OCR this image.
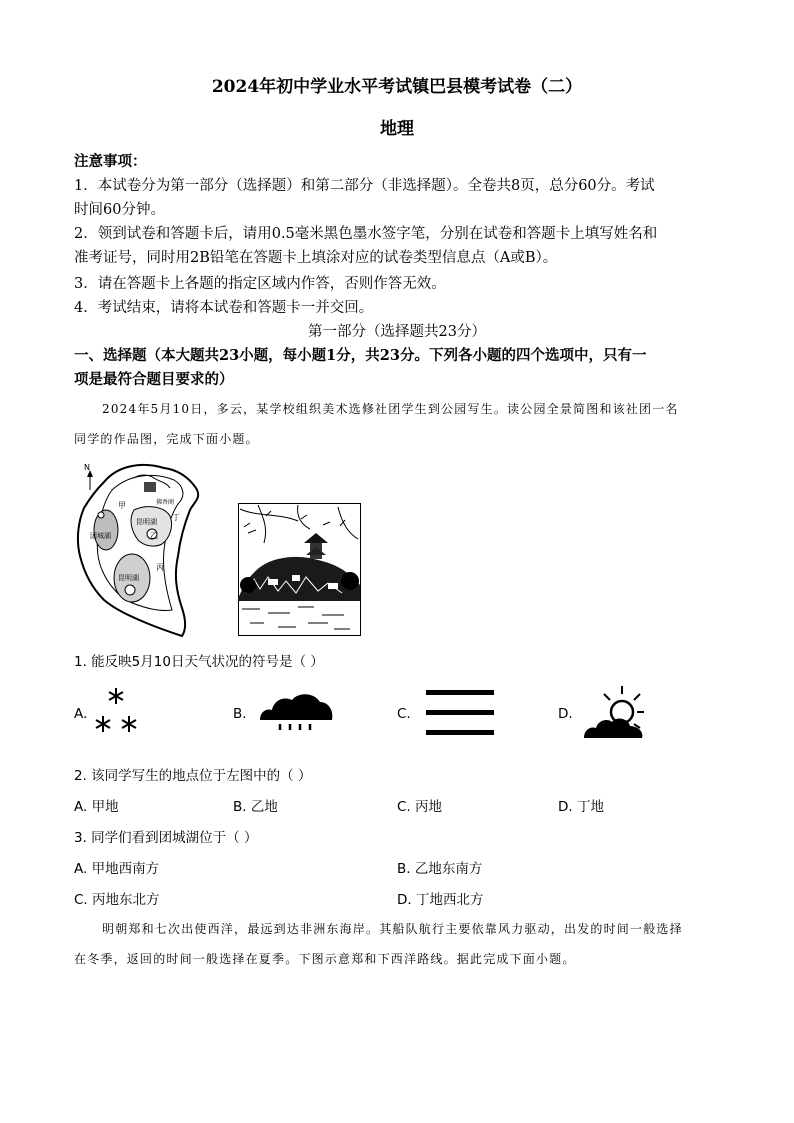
2024年初中学业水平考试镇巴县模考试卷（二）
地理
注意事项：
1．本试卷分为第一部分（选择题）和第二部分（非选择题）。全卷共8页，总分60分。考试
时间60分钟。
2．领到试卷和答题卡后，请用0.5毫米黑色墨水签字笔，分别在试卷和答题卡上填写姓名和
准考证号，同时用2B铅笔在答题卡上填涂对应的试卷类型信息点（A或B）。
3．请在答题卡上各题的指定区域内作答，否则作答无效。
4．考试结束，请将本试卷和答题卡一并交回。
第一部分（选择题共23分）
一、选择题（本大题共23小题，每小题1分，共23分。下列各小题的四个选项中，只有一
项是最符合题目要求的）
2024年5月10日，多云，某学校组织美术选修社团学生到公园写生。读公园全景简图和该社团一名
同学的作品图，完成下面小题。
N
甲
乙
丙
丁
团城湖
昆明湖
昆明湖
佛香阁
1. 能反映5月10日天气状况的符号是（ ）
A.	B.	C.	D.
2. 该同学写生的地点位于左图中的（ ）
A. 甲地	B. 乙地	C. 丙地	D. 丁地
3. 同学们看到团城湖位于（ ）
A. 甲地西南方	B. 乙地东南方
C. 丙地东北方	D. 丁地西北方
明朝郑和七次出使西洋，最远到达非洲东海岸。其船队航行主要依靠风力驱动，出发的时间一般选择
在冬季，返回的时间一般选择在夏季。下图示意郑和下西洋路线。据此完成下面小题。
